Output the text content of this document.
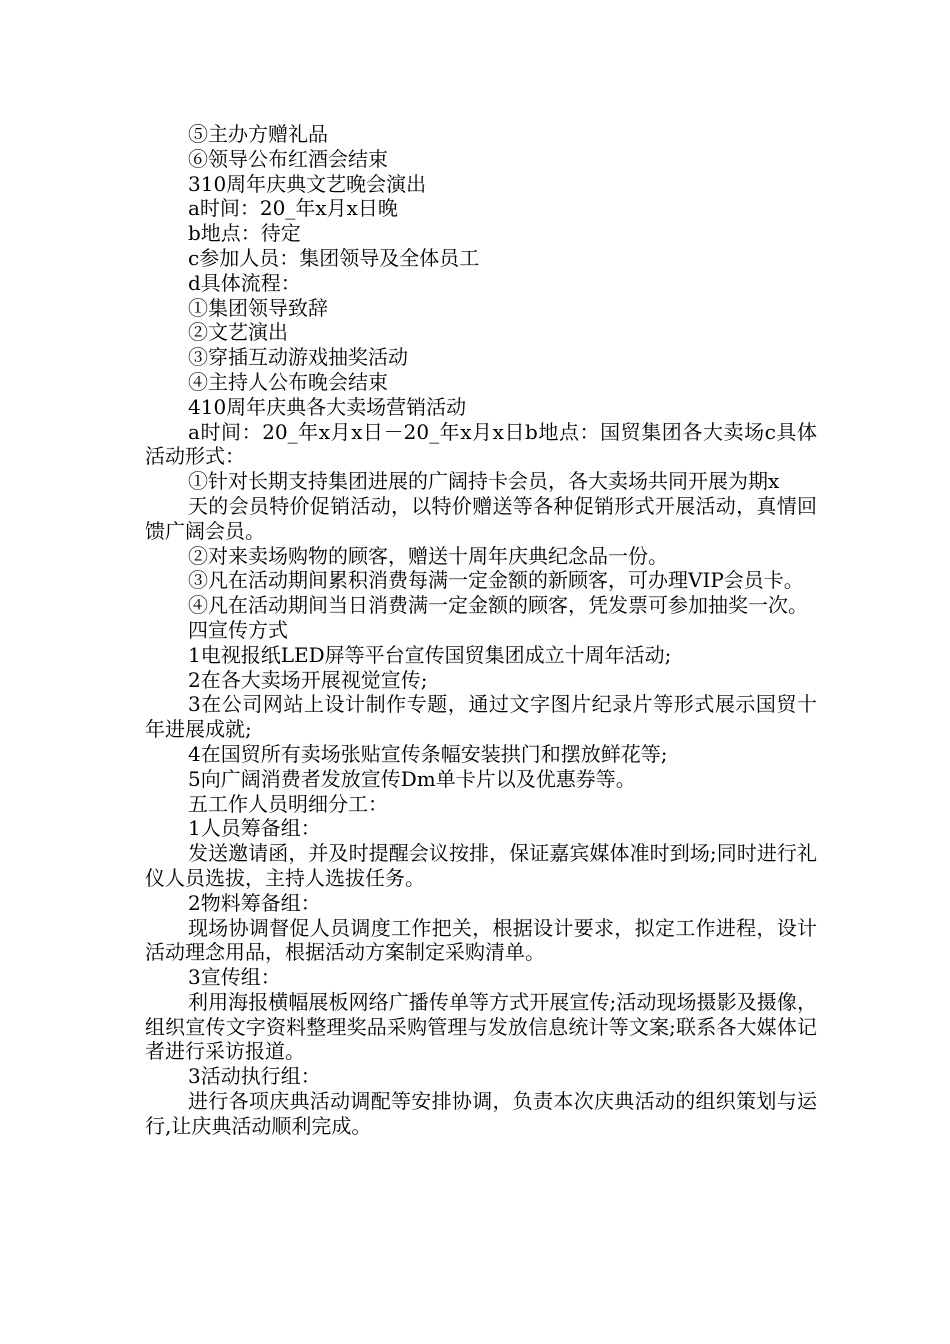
⑤主办方赠礼品

⑥领导公布红酒会结束

310周年庆典文艺晚会演出

a时间：20_年x月x日晚

b地点：待定

c参加人员：集团领导及全体员工

d具体流程：

①集团领导致辞

②文艺演出

③穿插互动游戏抽奖活动

④主持人公布晚会结束

410周年庆典各大卖场营销活动

a时间：20_年x月x日－20_年x月x日b地点：国贸集团各大卖场c具体活动形式：

①针对长期支持集团进展的广阔持卡会员，各大卖场共同开展为期x

天的会员特价促销活动，以特价赠送等各种促销形式开展活动，真情回馈广阔会员。

②对来卖场购物的顾客，赠送十周年庆典纪念品一份。

③凡在活动期间累积消费每满一定金额的新顾客，可办理VIP会员卡。

④凡在活动期间当日消费满一定金额的顾客，凭发票可参加抽奖一次。

四宣传方式

1电视报纸LED屏等平台宣传国贸集团成立十周年活动;

2在各大卖场开展视觉宣传;

3在公司网站上设计制作专题，通过文字图片纪录片等形式展示国贸十年进展成就;

4在国贸所有卖场张贴宣传条幅安装拱门和摆放鲜花等;

5向广阔消费者发放宣传Dm单卡片以及优惠券等。

五工作人员明细分工：

1人员筹备组：

发送邀请函，并及时提醒会议按排，保证嘉宾媒体准时到场;同时进行礼仪人员选拔，主持人选拔任务。

2物料筹备组：

现场协调督促人员调度工作把关，根据设计要求，拟定工作进程，设计活动理念用品，根据活动方案制定采购清单。

3宣传组：

利用海报横幅展板网络广播传单等方式开展宣传;活动现场摄影及摄像，组织宣传文字资料整理奖品采购管理与发放信息统计等文案;联系各大媒体记者进行采访报道。

3活动执行组：

进行各项庆典活动调配等安排协调，负责本次庆典活动的组织策划与运行,让庆典活动顺利完成。
